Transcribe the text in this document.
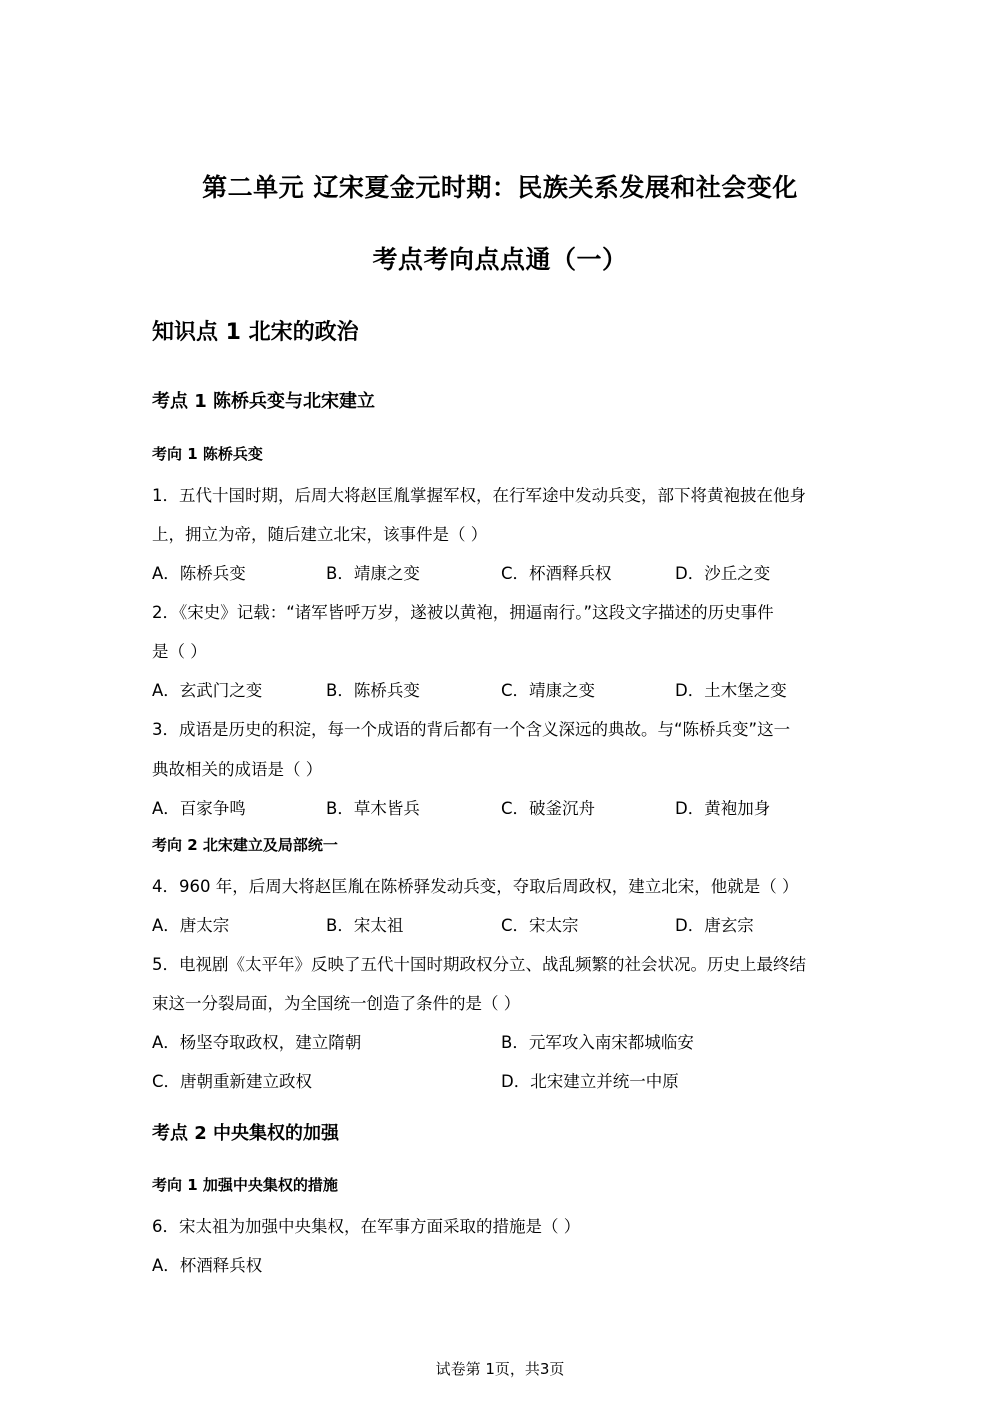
第二单元 辽宋夏金元时期：民族关系发展和社会变化
考点考向点点通（一）
知识点 1 北宋的政治
考点 1 陈桥兵变与北宋建立
考向 1 陈桥兵变
1．五代十国时期，后周大将赵匡胤掌握军权，在行军途中发动兵变，部下将黄袍披在他身
上，拥立为帝，随后建立北宋，该事件是（ ）
A．陈桥兵变	B．靖康之变	C．杯酒释兵权	D．沙丘之变
2．《宋史》记载：“诸军皆呼万岁，遂被以黄袍，拥逼南行。”这段文字描述的历史事件
是（ ）
A．玄武门之变	B．陈桥兵变	C．靖康之变	D．土木堡之变
3．成语是历史的积淀，每一个成语的背后都有一个含义深远的典故。与“陈桥兵变”这一
典故相关的成语是（ ）
A．百家争鸣	B．草木皆兵	C．破釜沉舟	D．黄袍加身
考向 2 北宋建立及局部统一
4．960 年，后周大将赵匡胤在陈桥驿发动兵变，夺取后周政权，建立北宋，他就是（ ）
A．唐太宗	B．宋太祖	C．宋太宗	D．唐玄宗
5．电视剧《太平年》反映了五代十国时期政权分立、战乱频繁的社会状况。历史上最终结
束这一分裂局面，为全国统一创造了条件的是（ ）
A．杨坚夺取政权，建立隋朝	B．元军攻入南宋都城临安
C．唐朝重新建立政权	D．北宋建立并统一中原
考点 2 中央集权的加强
考向 1 加强中央集权的措施
6．宋太祖为加强中央集权，在军事方面采取的措施是（ ）
A．杯酒释兵权
试卷第 1页，共3页
